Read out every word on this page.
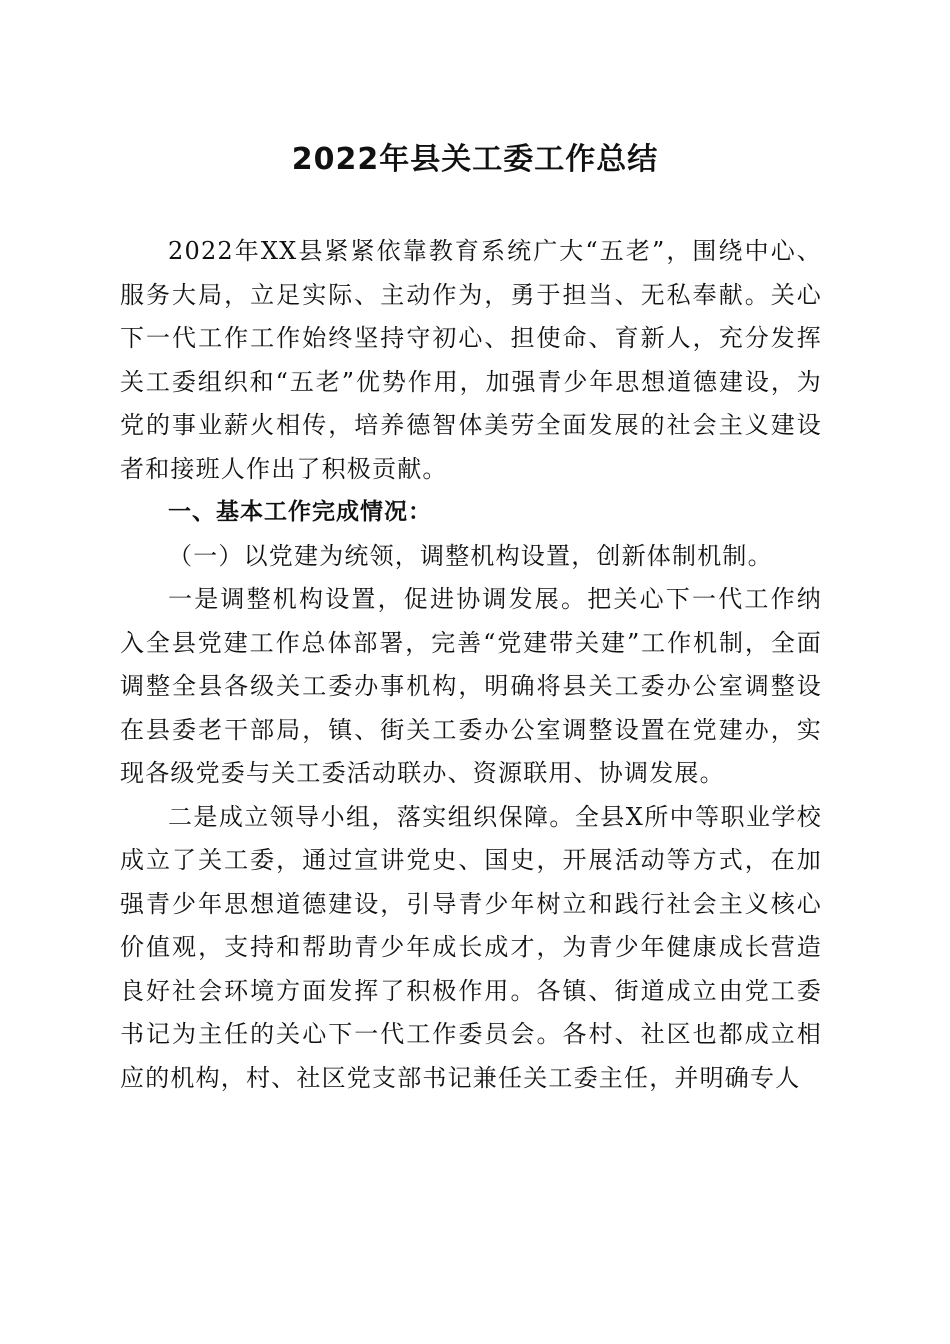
2022年县关工委工作总结

2022年XX县紧紧依靠教育系统广大“五老”，围绕中心、服务大局，立足实际、主动作为，勇于担当、无私奉献。关心下一代工作工作始终坚持守初心、担使命、育新人，充分发挥关工委组织和“五老”优势作用，加强青少年思想道德建设，为党的事业薪火相传，培养德智体美劳全面发展的社会主义建设者和接班人作出了积极贡献。

一、基本工作完成情况：

（一）以党建为统领，调整机构设置，创新体制机制。

一是调整机构设置，促进协调发展。把关心下一代工作纳入全县党建工作总体部署，完善“党建带关建”工作机制，全面调整全县各级关工委办事机构，明确将县关工委办公室调整设在县委老干部局，镇、街关工委办公室调整设置在党建办，实现各级党委与关工委活动联办、资源联用、协调发展。

二是成立领导小组，落实组织保障。全县X所中等职业学校成立了关工委，通过宣讲党史、国史，开展活动等方式，在加强青少年思想道德建设，引导青少年树立和践行社会主义核心价值观，支持和帮助青少年成长成才，为青少年健康成长营造良好社会环境方面发挥了积极作用。各镇、街道成立由党工委书记为主任的关心下一代工作委员会。各村、社区也都成立相应的机构，村、社区党支部书记兼任关工委主任，并明确专人
